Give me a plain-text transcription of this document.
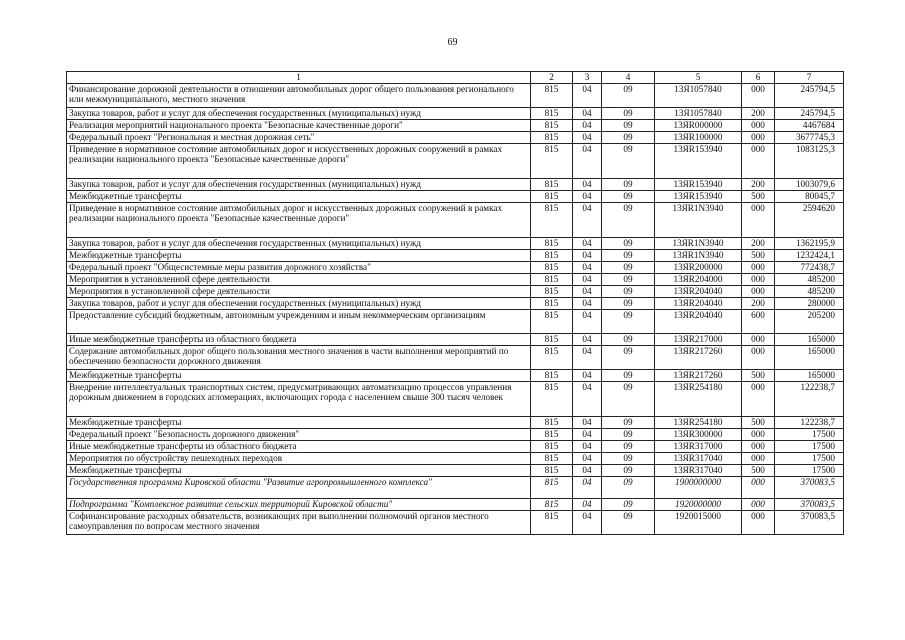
69
1	2	3	4	5	6	7
Финансирование дорожной деятельности в отношении автомобильных дорог общего пользования регионального или межмуниципального, местного значения	815	04	09	13Я1057840	000	245794,5
Закупка товаров, работ и услуг для обеспечения государственных (муниципальных) нужд	815	04	09	13Я1057840	200	245794,5
Реализация мероприятий национального проекта "Безопасные качественные дороги"	815	04	09	13ЯR000000	000	4467684
Федеральный проект "Региональная и местная дорожная сеть"	815	04	09	13ЯR100000	000	3677745,3
Приведение в нормативное состояние автомобильных дорог и искусственных дорожных сооружений в рамках реализации национального проекта "Безопасные качественные дороги"	815	04	09	13ЯR153940	000	1083125,3
Закупка товаров, работ и услуг для обеспечения государственных (муниципальных) нужд	815	04	09	13ЯR153940	200	1003079,6
Межбюджетные трансферты	815	04	09	13ЯR153940	500	80045,7
Приведение в нормативное состояние автомобильных дорог и искусственных дорожных сооружений в рамках реализации национального проекта "Безопасные качественные дороги"	815	04	09	13ЯR1N3940	000	2594620
Закупка товаров, работ и услуг для обеспечения государственных (муниципальных) нужд	815	04	09	13ЯR1N3940	200	1362195,9
Межбюджетные трансферты	815	04	09	13ЯR1N3940	500	1232424,1
Федеральный проект "Общесистемные меры развития дорожного хозяйства"	815	04	09	13ЯR200000	000	772438,7
Мероприятия в установленной сфере деятельности	815	04	09	13ЯR204000	000	485200
Мероприятия в установленной сфере деятельности	815	04	09	13ЯR204040	000	485200
Закупка товаров, работ и услуг для обеспечения государственных (муниципальных) нужд	815	04	09	13ЯR204040	200	280000
Предоставление субсидий бюджетным, автономным учреждениям и иным некоммерческим организациям	815	04	09	13ЯR204040	600	205200
Иные межбюджетные трансферты из областного бюджета	815	04	09	13ЯR217000	000	165000
Содержание автомобильных дорог общего пользования местного значения в части выполнения мероприятий по обеспечению безопасности дорожного движения	815	04	09	13ЯR217260	000	165000
Межбюджетные трансферты	815	04	09	13ЯR217260	500	165000
Внедрение интеллектуальных транспортных систем, предусматривающих автоматизацию процессов управления дорожным движением в городских агломерациях, включающих города с населением свыше 300 тысяч человек	815	04	09	13ЯR254180	000	122238,7
Межбюджетные трансферты	815	04	09	13ЯR254180	500	122238,7
Федеральный проект "Безопасность дорожного движения"	815	04	09	13ЯR300000	000	17500
Иные межбюджетные трансферты из областного бюджета	815	04	09	13ЯR317000	000	17500
Мероприятия по обустройству пешеходных переходов	815	04	09	13ЯR317040	000	17500
Межбюджетные трансферты	815	04	09	13ЯR317040	500	17500
Государственная программа Кировской области "Развитие агропромышленного комплекса"	815	04	09	1900000000	000	370083,5
Подпрограмма "Комплексное развитие сельских территорий Кировской области"	815	04	09	1920000000	000	370083,5
Софинансирование расходных обязательств, возникающих при выполнении полномочий органов местного самоуправления по вопросам местного значения	815	04	09	1920015000	000	370083,5
